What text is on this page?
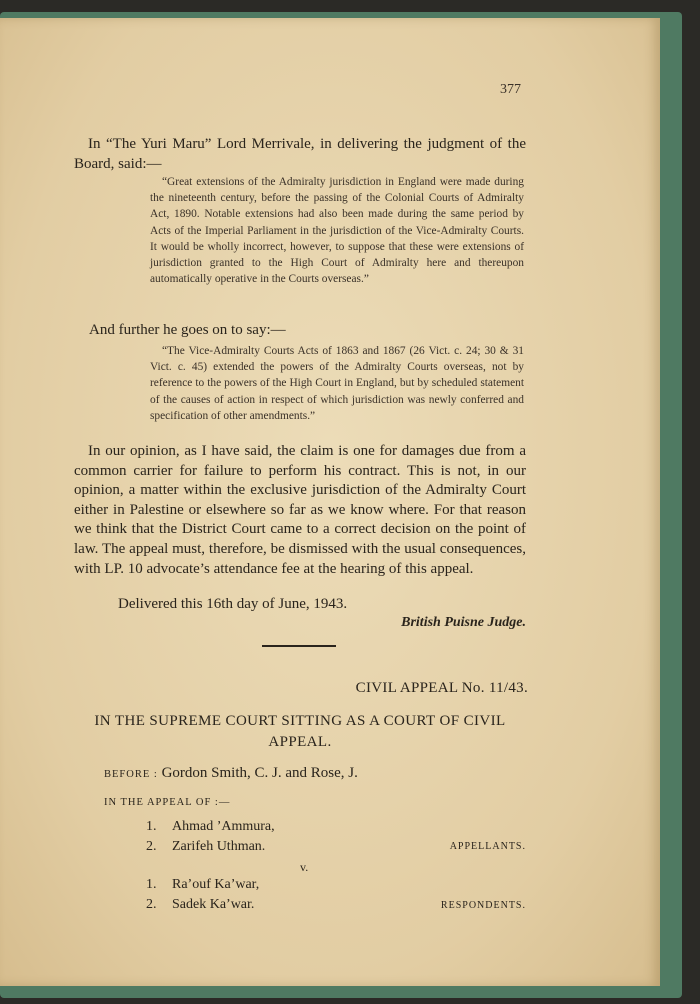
377

In “The Yuri Maru” Lord Merrivale, in delivering the judgment of the Board, said:—

“Great extensions of the Admiralty jurisdiction in England were made during the nineteenth century, before the passing of the Colonial Courts of Admiralty Act, 1890. Notable extensions had also been made during the same period by Acts of the Imperial Parliament in the jurisdiction of the Vice-Admiralty Courts. It would be wholly incorrect, however, to suppose that these were extensions of jurisdiction granted to the High Court of Admiralty here and thereupon automatically operative in the Courts overseas.”

And further he goes on to say:—

“The Vice-Admiralty Courts Acts of 1863 and 1867 (26 Vict. c. 24; 30 & 31 Vict. c. 45) extended the powers of the Admiralty Courts overseas, not by reference to the powers of the High Court in England, but by scheduled statement of the causes of action in respect of which jurisdiction was newly conferred and specification of other amendments.”

In our opinion, as I have said, the claim is one for damages due from a common carrier for failure to perform his contract. This is not, in our opinion, a matter within the exclusive jurisdiction of the Admiralty Court either in Palestine or elsewhere so far as we know where. For that reason we think that the District Court came to a correct decision on the point of law. The appeal must, therefore, be dismissed with the usual consequences, with LP. 10 advocate’s attendance fee at the hearing of this appeal.

Delivered this 16th day of June, 1943.

British Puisne Judge.
CIVIL APPEAL No. 11/43.
IN THE SUPREME COURT SITTING AS A COURT OF CIVIL APPEAL.
BEFORE : Gordon Smith, C. J. and Rose, J.
IN THE APPEAL OF :—
1. Ahmad ’Ammura,
2. Zarifeh Uthman.	APPELLANTS.
v.
1. Ra’ouf Ka’war,
2. Sadek Ka’war.	RESPONDENTS.
